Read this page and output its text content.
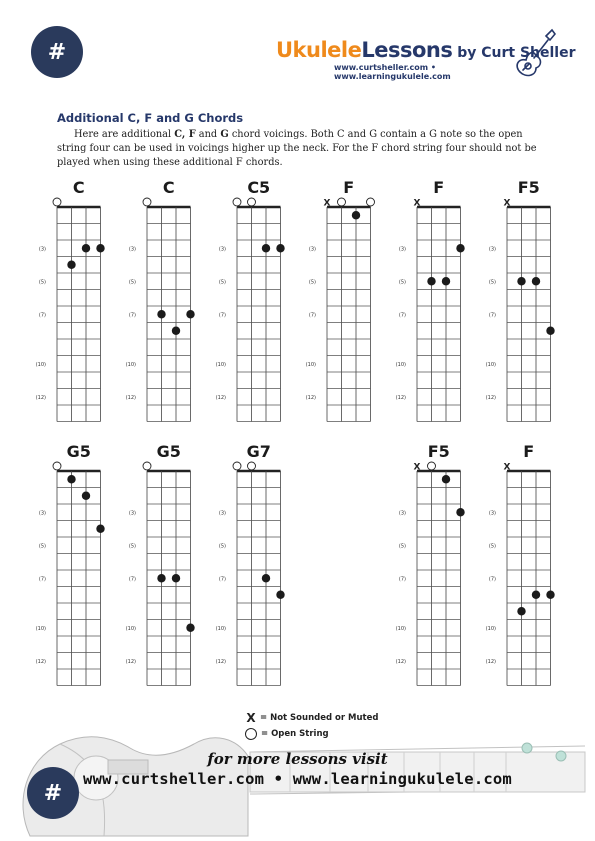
#	UkuleleLessons by Curt Sheller
www.curtsheller.com • www.learningukulele.com
Additional C, F and G Chords

Here are additional C, F and G chord voicings. Both C and G contain a G note so the open string four can be used in voicings higher up the neck. For the F chord string four should not be played when using these additional F chords.

C
(3)
(5)
(7)
(10)
(12)
C
(3)
(5)
(7)
(10)
(12)
C5
(3)
(5)
(7)
(10)
(12)
F
(3)
(5)
(7)
(10)
(12)
X
F
(3)
(5)
(7)
(10)
(12)
X
F5
(3)
(5)
(7)
(10)
(12)
X
G5
(3)
(5)
(7)
(10)
(12)
G5
(3)
(5)
(7)
(10)
(12)
G7
(3)
(5)
(7)
(10)
(12)
F5
(3)
(5)
(7)
(10)
(12)
X
F
(3)
(5)
(7)
(10)
(12)
X
X = Not Sounded or Muted
= Open String
for more lessons visit
www.curtsheller.com • www.learningukulele.com
#
